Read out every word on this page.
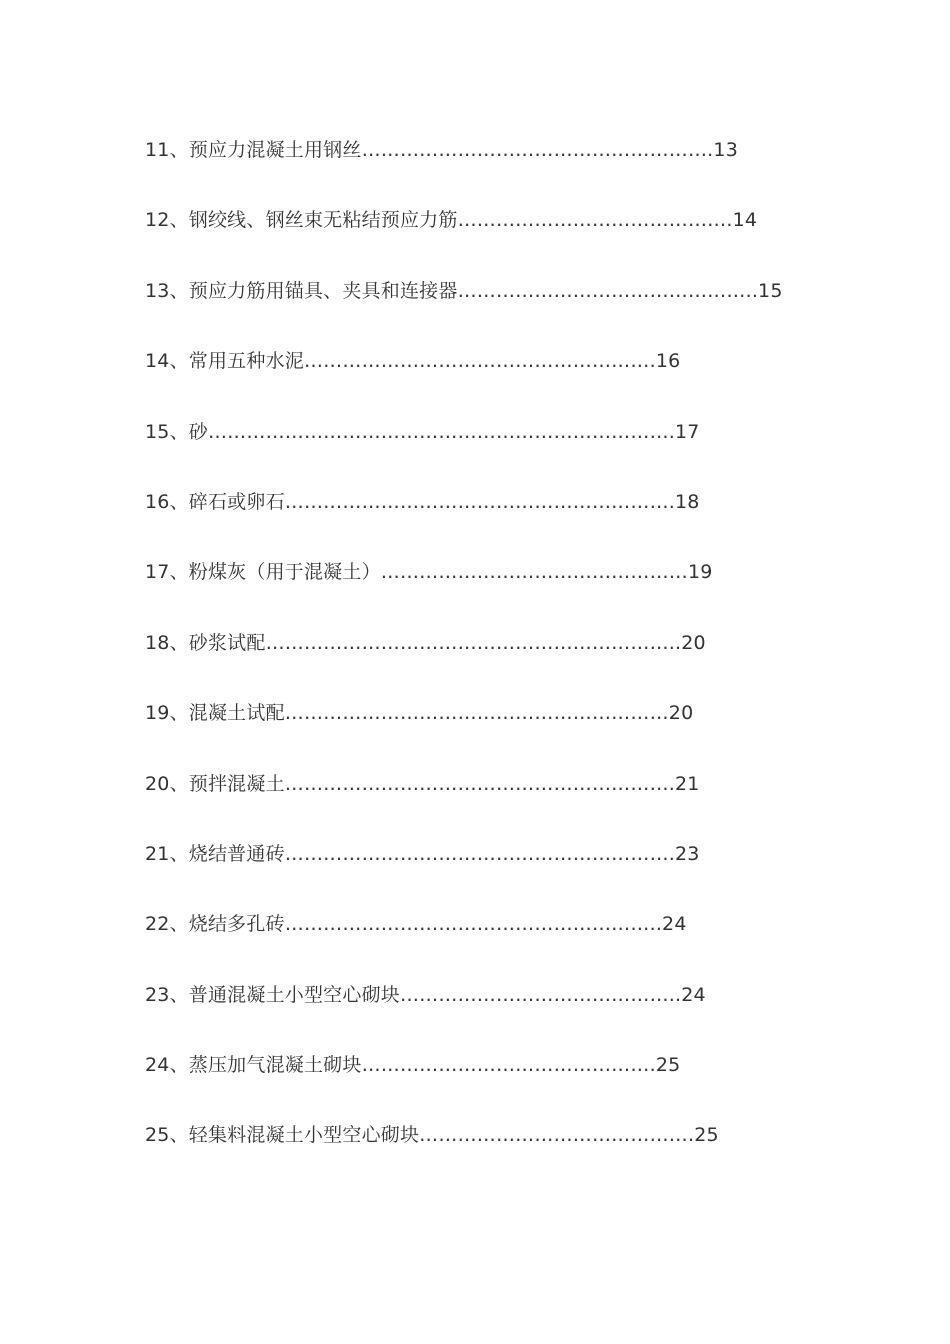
11、预应力混凝土用钢丝……………………………………………….13
12、钢绞线、钢丝束无粘结预应力筋…………………………………….14
13、预应力筋用锚具、夹具和连接器………………………………………..15
14、常用五种水泥……………………………………………….16
15、砂……………………………………………………………….17
16、碎石或卵石…………………………………………………….18
17、粉煤灰（用于混凝土）…………………………………………19
18、砂浆试配………………………………………………………..20
19、混凝土试配……………………………………………………20
20、预拌混凝土…………………………………………………….21
21、烧结普通砖…………………………………………………….23
22、烧结多孔砖…………………………………………………..24
23、普通混凝土小型空心砌块……………………………………..24
24、蒸压加气混凝土砌块……………………………………….25
25、轻集料混凝土小型空心砌块…………………………………….25
